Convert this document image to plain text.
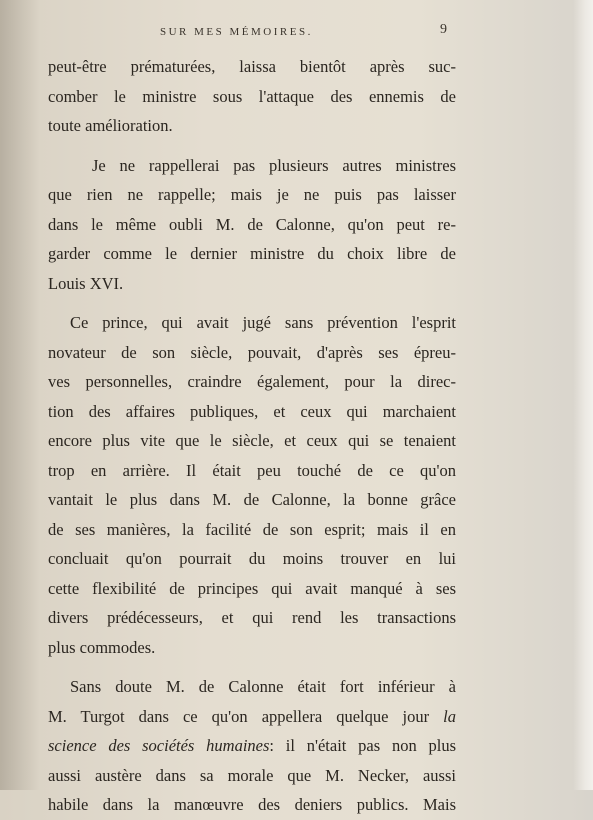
SUR MES MÉMOIRES.	9

peut-être prématurées, laissa bientôt après suc-
comber le ministre sous l'attaque des ennemis de
toute amélioration.

Je ne rappellerai pas plusieurs autres ministres
que rien ne rappelle; mais je ne puis pas laisser
dans le même oubli M. de Calonne, qu'on peut re-
garder comme le dernier ministre du choix libre de
Louis XVI.

Ce prince, qui avait jugé sans prévention l'esprit
novateur de son siècle, pouvait, d'après ses épreu-
ves personnelles, craindre également, pour la direc-
tion des affaires publiques, et ceux qui marchaient
encore plus vite que le siècle, et ceux qui se tenaient
trop en arrière. Il était peu touché de ce qu'on
vantait le plus dans M. de Calonne, la bonne grâce
de ses manières, la facilité de son esprit; mais il en
concluait qu'on pourrait du moins trouver en lui
cette flexibilité de principes qui avait manqué à ses
divers prédécesseurs, et qui rend les transactions
plus commodes.

Sans doute M. de Calonne était fort inférieur à
M. Turgot dans ce qu'on appellera quelque jour la
science des sociétés humaines: il n'était pas non plus
aussi austère dans sa morale que M. Necker, aussi
habile dans la manœuvre des deniers publics. Mais
